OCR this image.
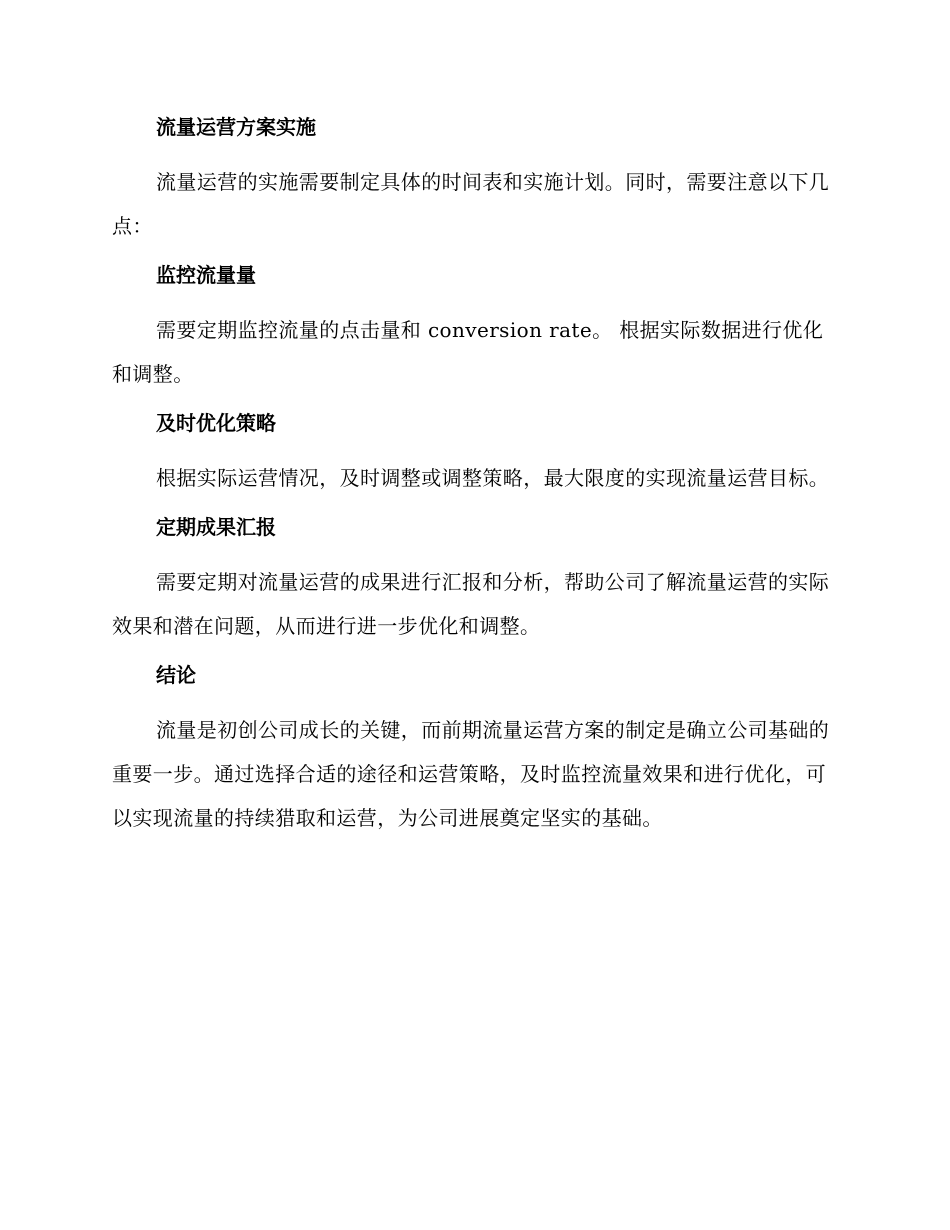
流量运营方案实施

流量运营的实施需要制定具体的时间表和实施计划。同时，需要注意以下几点：

监控流量量

需要定期监控流量的点击量和 conversion rate。 根据实际数据进行优化和调整。

及时优化策略

根据实际运营情况，及时调整或调整策略，最大限度的实现流量运营目标。

定期成果汇报

需要定期对流量运营的成果进行汇报和分析，帮助公司了解流量运营的实际效果和潜在问题，从而进行进一步优化和调整。

结论

流量是初创公司成长的关键，而前期流量运营方案的制定是确立公司基础的重要一步。通过选择合适的途径和运营策略，及时监控流量效果和进行优化，可以实现流量的持续猎取和运营，为公司进展奠定坚实的基础。
